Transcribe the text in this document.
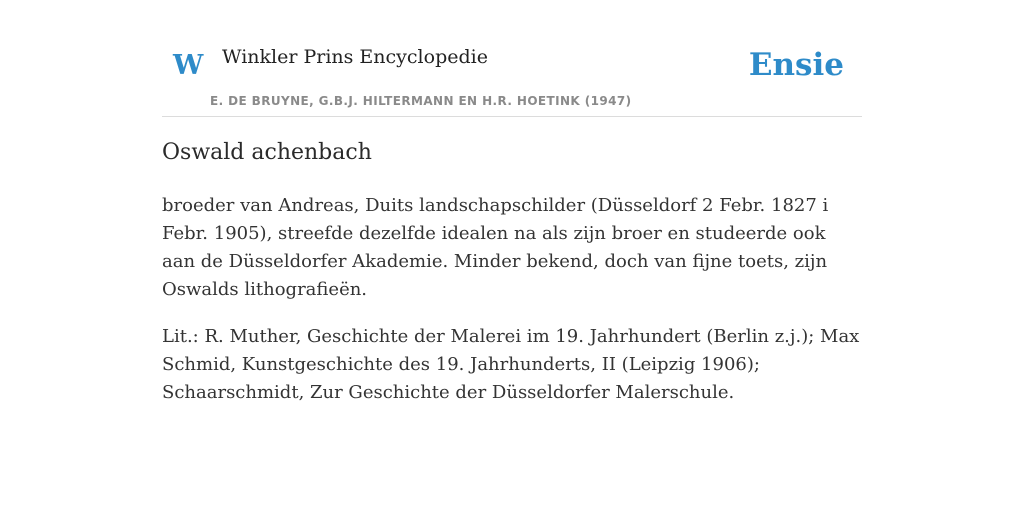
W Winkler Prins Encyclopedie
E. DE BRUYNE, G.B.J. HILTERMANN EN H.R. HOETINK (1947)
Ensie
Oswald achenbach

broeder van Andreas, Duits landschapschilder (Düsseldorf 2 Febr. 1827 i Febr. 1905), streefde dezelfde idealen na als zijn broer en studeerde ook aan de Düsseldorfer Akademie. Minder bekend, doch van fijne toets, zijn Oswalds lithografieën.

Lit.: R. Muther, Geschichte der Malerei im 19. Jahrhundert (Berlin z.j.); Max Schmid, Kunstgeschichte des 19. Jahrhunderts, II (Leipzig 1906); Schaarschmidt, Zur Geschichte der Düsseldorfer Malerschule.
